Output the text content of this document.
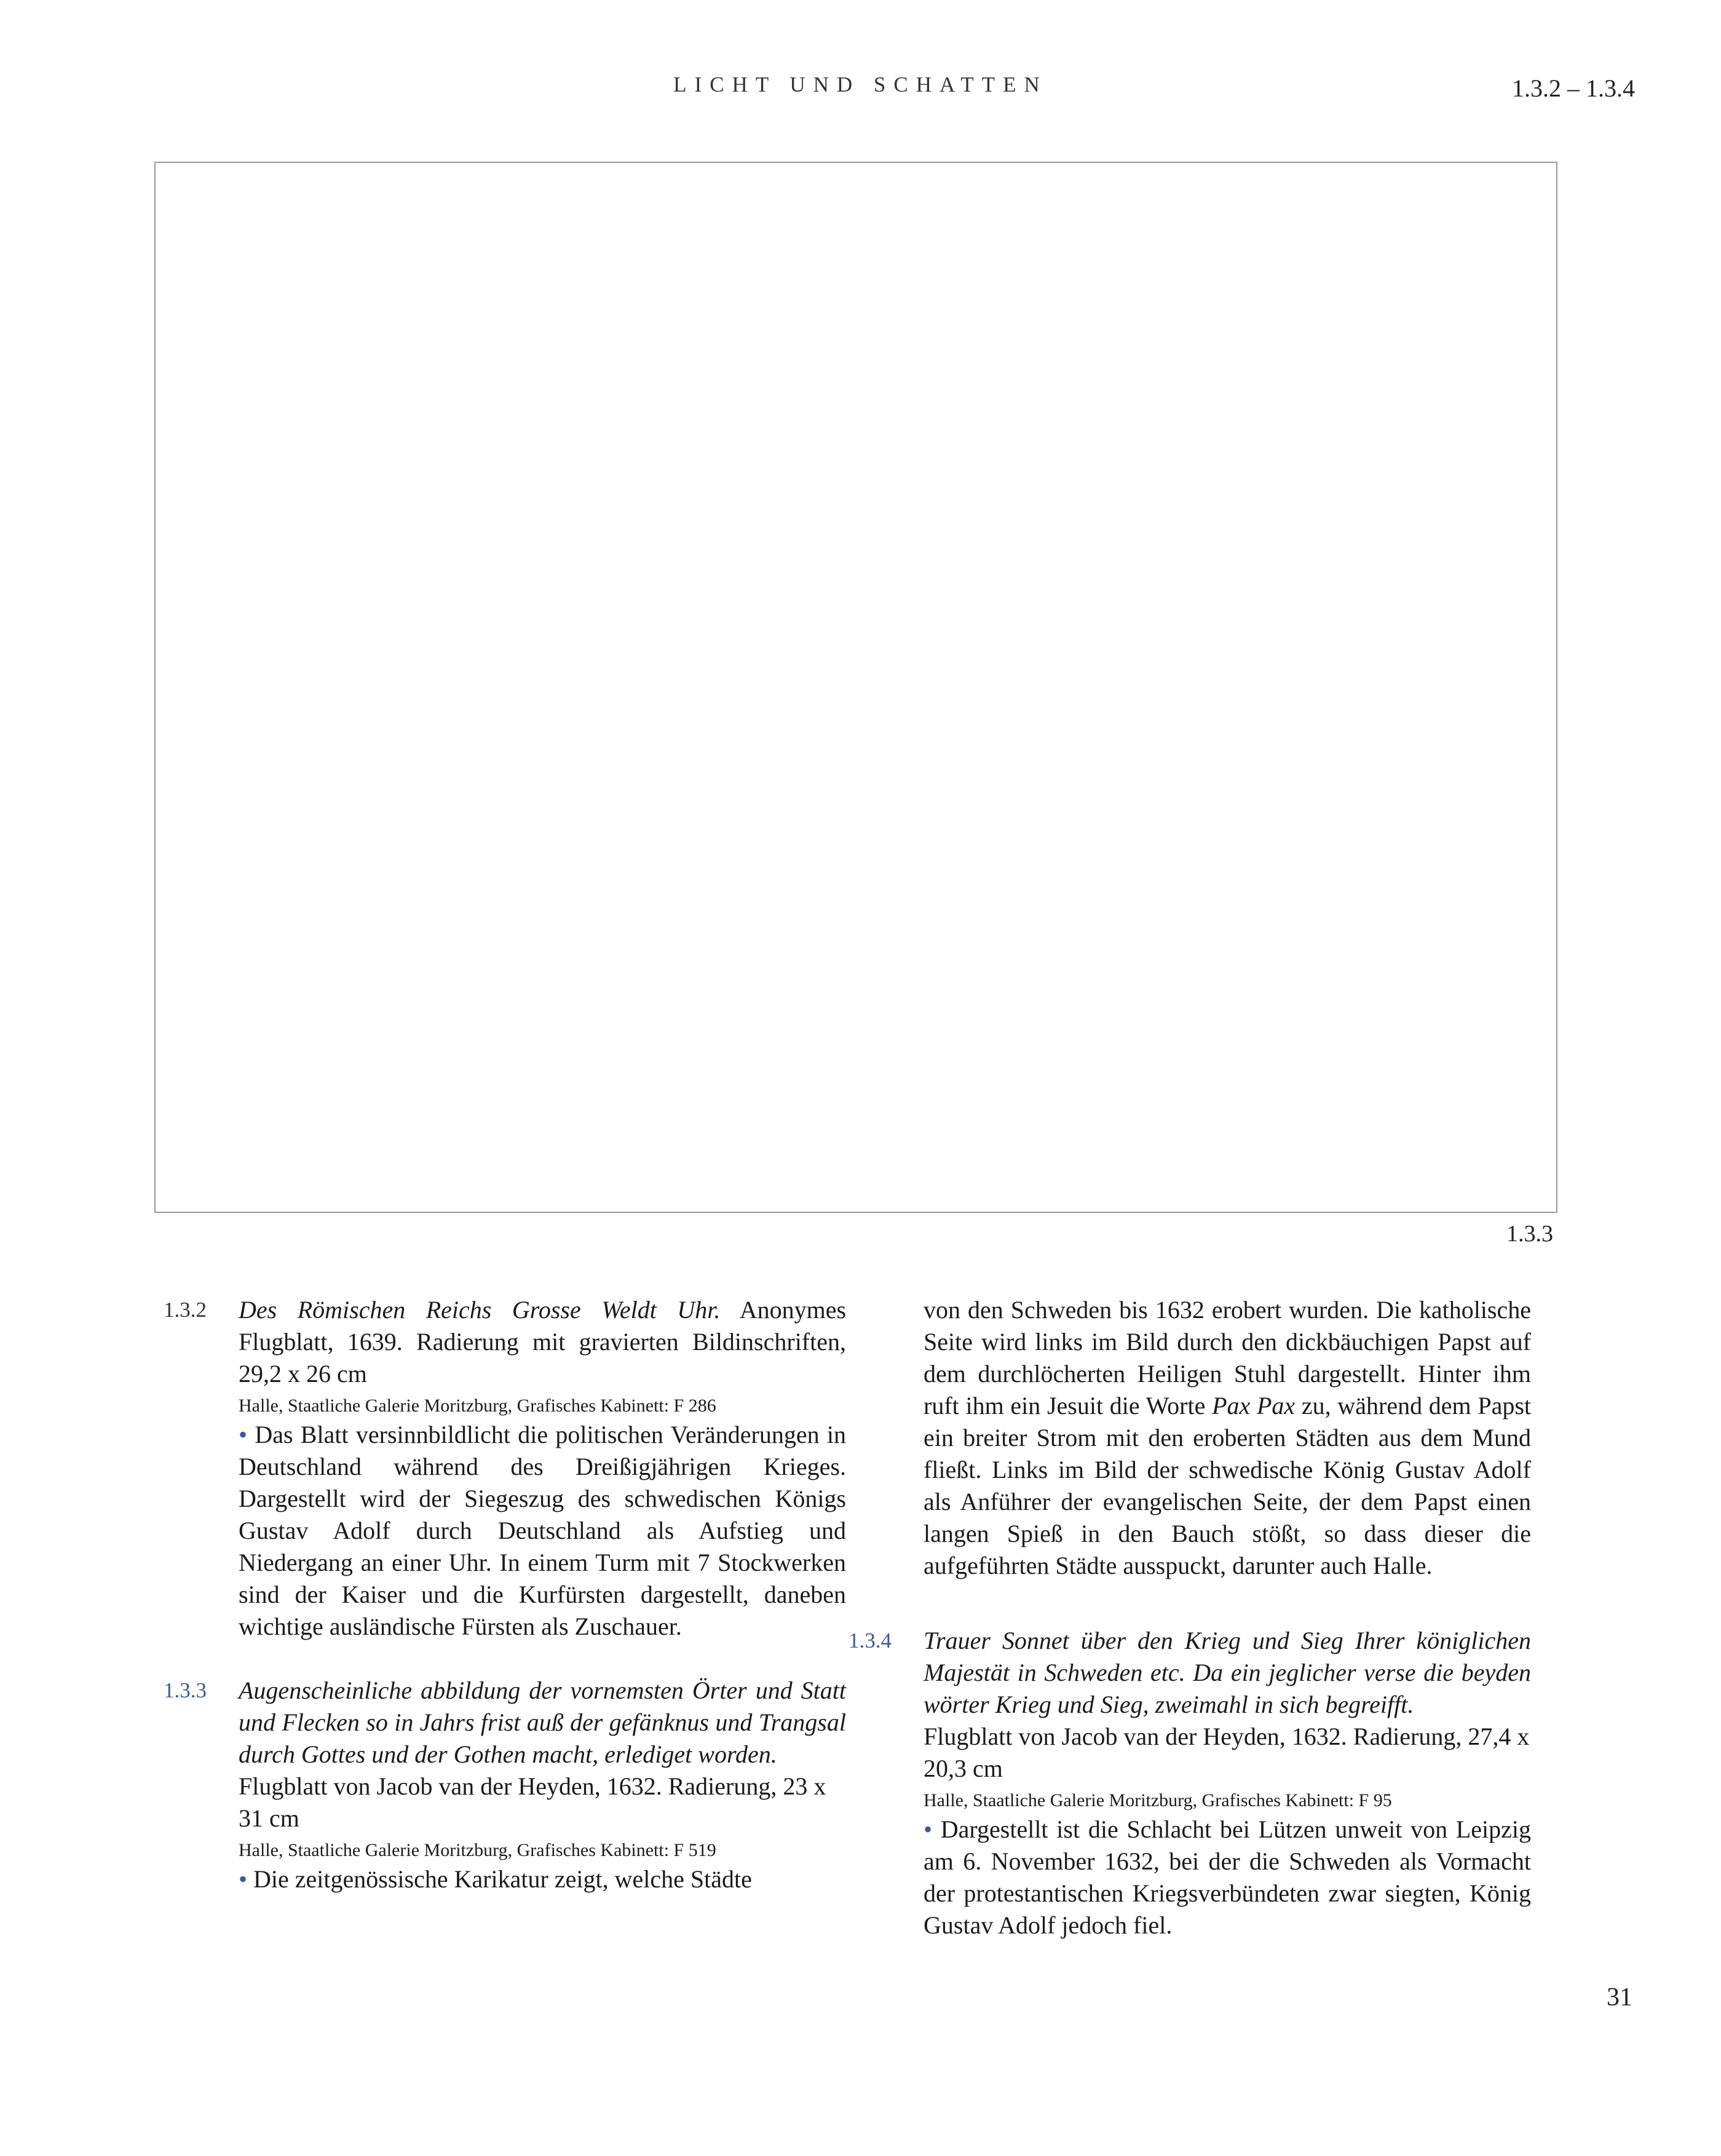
LICHT UND SCHATTEN	1.3.2 – 1.3.4
1.3.3
1.3.2 Des Römischen Reichs Grosse Weldt Uhr. Anonymes Flugblatt, 1639. Radierung mit gravierten Bildinschriften, 29,2 x 26 cm
Halle, Staatliche Galerie Moritzburg, Grafisches Kabinett: F 286
• Das Blatt versinnbildlicht die politischen Veränderungen in Deutschland während des Dreißigjährigen Krieges. Dargestellt wird der Siegeszug des schwedischen Königs Gustav Adolf durch Deutschland als Aufstieg und Niedergang an einer Uhr. In einem Turm mit 7 Stockwerken sind der Kaiser und die Kurfürsten dargestellt, daneben wichtige ausländische Fürsten als Zuschauer.
1.3.3 Augenscheinliche abbildung der vornemsten Örter und Statt und Flecken so in Jahrs frist auß der gefänknus und Trangsal durch Gottes und der Gothen macht, erlediget worden.
Flugblatt von Jacob van der Heyden, 1632. Radierung, 23 x 31 cm
Halle, Staatliche Galerie Moritzburg, Grafisches Kabinett: F 519
• Die zeitgenössische Karikatur zeigt, welche Städte
von den Schweden bis 1632 erobert wurden. Die katholische Seite wird links im Bild durch den dickbäuchigen Papst auf dem durchlöcherten Heiligen Stuhl dargestellt. Hinter ihm ruft ihm ein Jesuit die Worte Pax Pax zu, während dem Papst ein breiter Strom mit den eroberten Städten aus dem Mund fließt. Links im Bild der schwedische König Gustav Adolf als Anführer der evangelischen Seite, der dem Papst einen langen Spieß in den Bauch stößt, so dass dieser die aufgeführten Städte ausspuckt, darunter auch Halle.
1.3.4 Trauer Sonnet über den Krieg und Sieg Ihrer königlichen Majestät in Schweden etc. Da ein jeglicher verse die beyden wörter Krieg und Sieg, zweimahl in sich begreifft.
Flugblatt von Jacob van der Heyden, 1632. Radierung, 27,4 x 20,3 cm
Halle, Staatliche Galerie Moritzburg, Grafisches Kabinett: F 95
• Dargestellt ist die Schlacht bei Lützen unweit von Leipzig am 6. November 1632, bei der die Schweden als Vormacht der protestantischen Kriegsverbündeten zwar siegten, König Gustav Adolf jedoch fiel.
31
